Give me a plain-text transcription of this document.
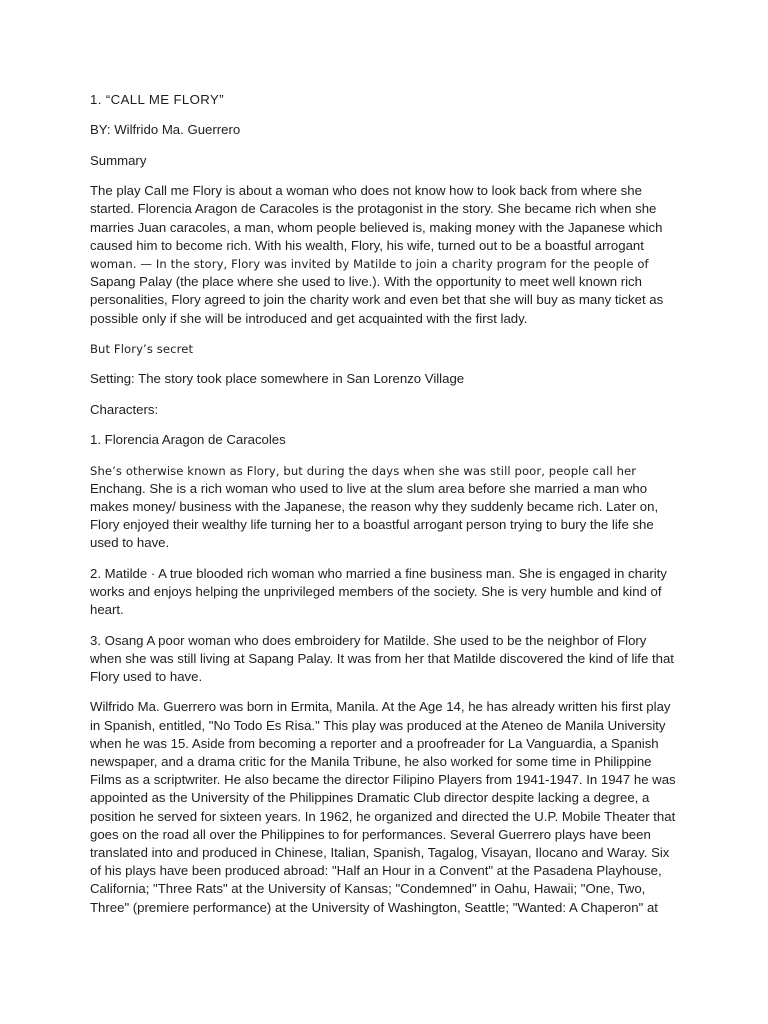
1. “CALL ME FLORY”
BY: Wilfrido Ma. Guerrero
Summary
The play Call me Flory is about a woman who does not know how to look back from where she
started. Florencia Aragon de Caracoles is the protagonist in the story. She became rich when she
marries Juan caracoles, a man, whom people believed is, making money with the Japanese which
caused him to become rich. With his wealth, Flory, his wife, turned out to be a boastful arrogant
woman. — In the story, Flory was invited by Matilde to join a charity program for the people of
Sapang Palay (the place where she used to live.). With the opportunity to meet well known rich
personalities, Flory agreed to join the charity work and even bet that she will buy as many ticket as
possible only if she will be introduced and get acquainted with the first lady.
But Flory’s secret
Setting: The story took place somewhere in San Lorenzo Village
Characters:
1. Florencia Aragon de Caracoles
She’s otherwise known as Flory, but during the days when she was still poor, people call her
Enchang. She is a rich woman who used to live at the slum area before she married a man who
makes money/ business with the Japanese, the reason why they suddenly became rich. Later on,
Flory enjoyed their wealthy life turning her to a boastful arrogant person trying to bury the life she
used to have.
2. Matilde · A true blooded rich woman who married a fine business man. She is engaged in charity
works and enjoys helping the unprivileged members of the society. She is very humble and kind of
heart.
3. Osang A poor woman who does embroidery for Matilde. She used to be the neighbor of Flory
when she was still living at Sapang Palay. It was from her that Matilde discovered the kind of life that
Flory used to have.
Wilfrido Ma. Guerrero was born in Ermita, Manila. At the Age 14, he has already written his first play
in Spanish, entitled, "No Todo Es Risa." This play was produced at the Ateneo de Manila University
when he was 15. Aside from becoming a reporter and a proofreader for La Vanguardia, a Spanish
newspaper, and a drama critic for the Manila Tribune, he also worked for some time in Philippine
Films as a scriptwriter. He also became the director Filipino Players from 1941-1947. In 1947 he was
appointed as the University of the Philippines Dramatic Club director despite lacking a degree, a
position he served for sixteen years. In 1962, he organized and directed the U.P. Mobile Theater that
goes on the road all over the Philippines to for performances. Several Guerrero plays have been
translated into and produced in Chinese, Italian, Spanish, Tagalog, Visayan, Ilocano and Waray. Six
of his plays have been produced abroad: "Half an Hour in a Convent" at the Pasadena Playhouse,
California; "Three Rats" at the University of Kansas; "Condemned" in Oahu, Hawaii; "One, Two,
Three" (premiere performance) at the University of Washington, Seattle; "Wanted: A Chaperon" at
